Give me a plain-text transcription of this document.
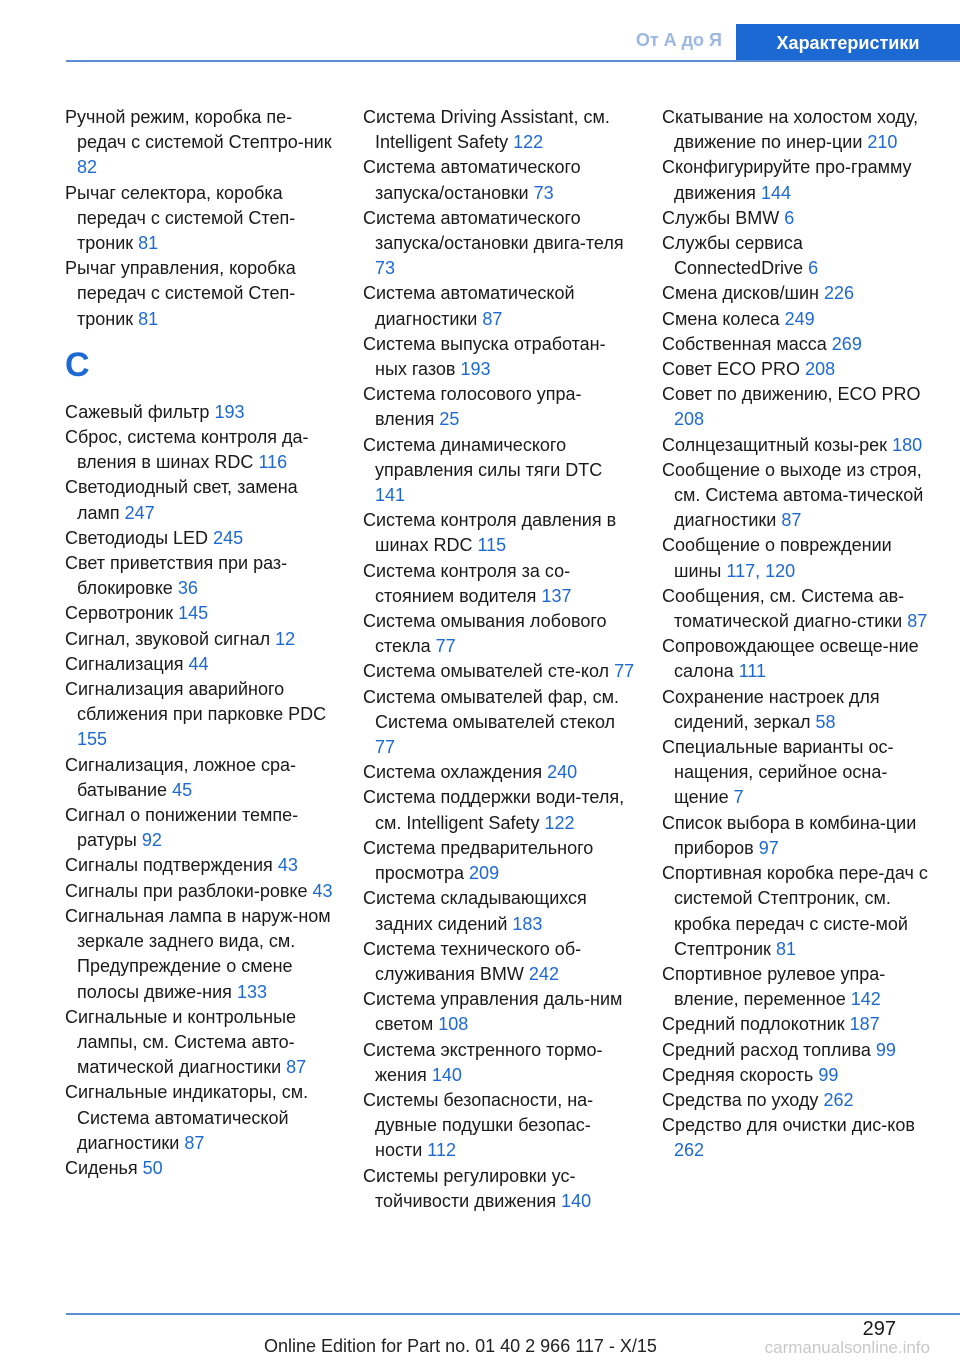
От А до Я	Характеристики

Ручной режим, коробка пе‐редач с системой Стептро‐ник 82

Рычаг селектора, коробка передач с системой Степ‐троник 81

Рычаг управления, коробка передач с системой Степ‐троник 81

С

Сажевый фильтр 193

Сброс, система контроля да‐вления в шинах RDC 116

Светодиодный свет, замена ламп 247

Светодиоды LED 245

Свет приветствия при раз‐блокировке 36

Сервотроник 145

Сигнал, звуковой сигнал 12

Сигнализация 44

Сигнализация аварийного сближения при парковке PDC 155

Сигнализация, ложное сра‐батывание 45

Сигнал о понижении темпе‐ратуры 92

Сигналы подтверждения 43

Сигналы при разблоки‐ровке 43

Сигнальная лампа в наруж‐ном зеркале заднего вида, см. Предупреждение о смене полосы движе‐ния 133

Сигнальные и контрольные лампы, см. Система авто‐матической диагностики 87

Сигнальные индикаторы, см. Система автоматической диагностики 87

Сиденья 50

Система Driving Assistant, см. Intelligent Safety 122

Система автоматического запуска/остановки 73

Система автоматического запуска/остановки двига‐теля 73

Система автоматической диагностики 87

Система выпуска отработан‐ных газов 193

Система голосового упра‐вления 25

Система динамического управления силы тяги DTC 141

Система контроля давления в шинах RDC 115

Система контроля за со‐стоянием водителя 137

Система омывания лобового стекла 77

Система омывателей сте‐кол 77

Система омывателей фар, см. Система омывателей стекол 77

Система охлаждения 240

Система поддержки води‐теля, см. Intelligent Safety 122

Система предварительного просмотра 209

Система складывающихся задних сидений 183

Система технического об‐служивания BMW 242

Система управления даль‐ним светом 108

Система экстренного тормо‐жения 140

Системы безопасности, на‐дувные подушки безопас‐ности 112

Системы регулировки ус‐тойчивости движения 140

Скатывание на холостом ходу, движение по инер‐ции 210

Сконфигурируйте про‐грамму движения 144

Службы BMW 6

Службы сервиса ConnectedDrive 6

Смена дисков/шин 226

Смена колеса 249

Собственная масса 269

Совет ECO PRO 208

Совет по движению, ECO PRO 208

Солнцезащитный козы‐рек 180

Сообщение о выходе из строя, см. Система автома‐тической диагностики 87

Сообщение о повреждении шины 117, 120

Сообщения, см. Система ав‐томатической диагно‐стики 87

Сопровождающее освеще‐ние салона 111

Сохранение настроек для сидений, зеркал 58

Специальные варианты ос‐нащения, серийное осна‐щение 7

Список выбора в комбина‐ции приборов 97

Спортивная коробка пере‐дач с системой Стептроник, см. кробка передач с систе‐мой Стептроник 81

Спортивное рулевое упра‐вление, переменное 142

Средний подлокотник 187

Средний расход топлива 99

Средняя скорость 99

Средства по уходу 262

Средство для очистки дис‐ков 262

297
Online Edition for Part no. 01 40 2 966 117 - X/15	carmanualsonline.info
